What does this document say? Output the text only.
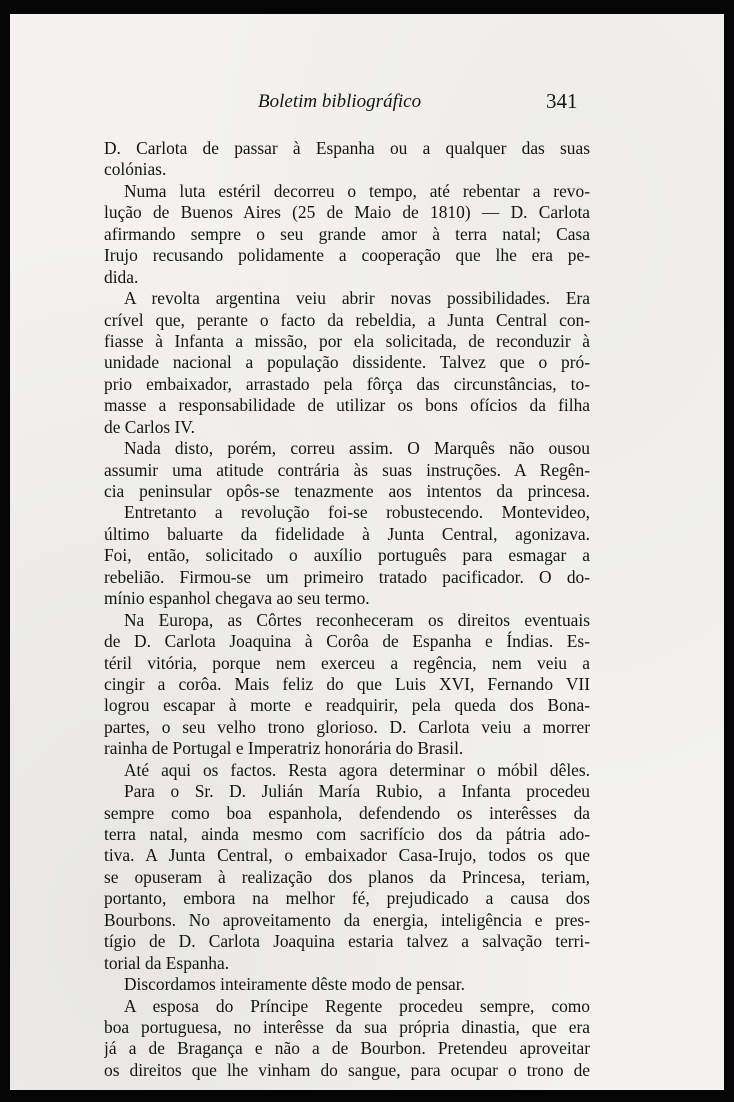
Boletim bibliográfico	341
D. Carlota de passar à Espanha ou a qualquer das suas
colónias.
Numa luta estéril decorreu o tempo, até rebentar a revo-
lução de Buenos Aires (25 de Maio de 1810) — D. Carlota
afirmando sempre o seu grande amor à terra natal; Casa
Irujo recusando polidamente a cooperação que lhe era pe-
dida.
A revolta argentina veiu abrir novas possibilidades. Era
crível que, perante o facto da rebeldia, a Junta Central con-
fiasse à Infanta a missão, por ela solicitada, de reconduzir à
unidade nacional a população dissidente. Talvez que o pró-
prio embaixador, arrastado pela fôrça das circunstâncias, to-
masse a responsabilidade de utilizar os bons ofícios da filha
de Carlos IV.
Nada disto, porém, correu assim. O Marquês não ousou
assumir uma atitude contrária às suas instruções. A Regên-
cia peninsular opôs-se tenazmente aos intentos da princesa.
Entretanto a revolução foi-se robustecendo. Montevideo,
último baluarte da fidelidade à Junta Central, agonizava.
Foi, então, solicitado o auxílio português para esmagar a
rebelião. Firmou-se um primeiro tratado pacificador. O do-
mínio espanhol chegava ao seu termo.
Na Europa, as Côrtes reconheceram os direitos eventuais
de D. Carlota Joaquina à Corôa de Espanha e Índias. Es-
téril vitória, porque nem exerceu a regência, nem veiu a
cingir a corôa. Mais feliz do que Luis XVI, Fernando VII
logrou escapar à morte e readquirir, pela queda dos Bona-
partes, o seu velho trono glorioso. D. Carlota veiu a morrer
rainha de Portugal e Imperatriz honorária do Brasil.
Até aqui os factos. Resta agora determinar o móbil dêles.
Para o Sr. D. Julián María Rubio, a Infanta procedeu
sempre como boa espanhola, defendendo os interêsses da
terra natal, ainda mesmo com sacrifício dos da pátria ado-
tiva. A Junta Central, o embaixador Casa-Irujo, todos os que
se opuseram à realização dos planos da Princesa, teriam,
portanto, embora na melhor fé, prejudicado a causa dos
Bourbons. No aproveitamento da energia, inteligência e pres-
tígio de D. Carlota Joaquina estaria talvez a salvação terri-
torial da Espanha.
Discordamos inteiramente dêste modo de pensar.
A esposa do Príncipe Regente procedeu sempre, como
boa portuguesa, no interêsse da sua própria dinastia, que era
já a de Bragança e não a de Bourbon. Pretendeu aproveitar
os direitos que lhe vinham do sangue, para ocupar o trono de
